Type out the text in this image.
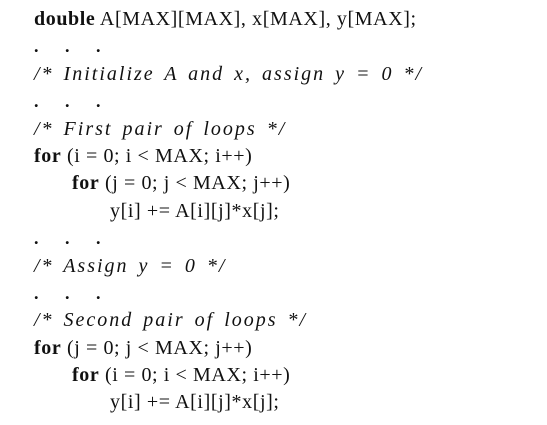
double A[MAX][MAX], x[MAX], y[MAX];
. . .
/* Initialize A and x, assign y = 0 */
. . .
/* First pair of loops */
for (i = 0; i < MAX; i++)
for (j = 0; j < MAX; j++)
y[i] += A[i][j]*x[j];
. . .
/* Assign y = 0 */
. . .
/* Second pair of loops */
for (j = 0; j < MAX; j++)
for (i = 0; i < MAX; i++)
y[i] += A[i][j]*x[j];
